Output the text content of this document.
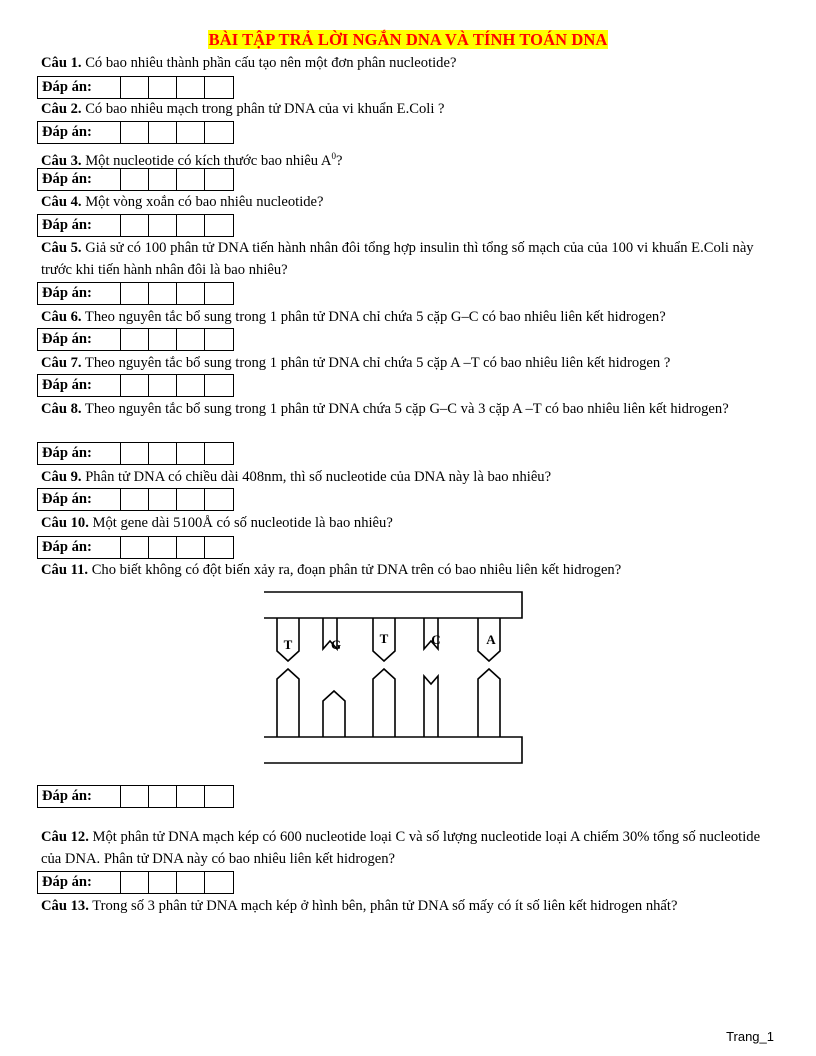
BÀI TẬP TRẢ LỜI NGẮN DNA VÀ TÍNH TOÁN DNA

Câu 1. Có bao nhiêu thành phần cấu tạo nên một đơn phân nucleotide?

Đáp án:

Câu 2. Có bao nhiêu mạch trong phân tử DNA của vi khuẩn E.Coli ?

Đáp án:

Câu 3. Một nucleotide có kích thước bao nhiêu $A^0$?

Đáp án:

Câu 4. Một vòng xoắn có bao nhiêu nucleotide?

Đáp án:

Câu 5. Giả sử có 100 phân tử DNA tiến hành nhân đôi tổng hợp insulin thì tổng số mạch của của 100 vi khuẩn E.Coli này trước khi tiến hành nhân đôi là bao nhiêu?

Đáp án:

Câu 6. Theo nguyên tắc bổ sung trong 1 phân tử DNA chỉ chứa 5 cặp G–C có bao nhiêu liên kết hidrogen?

Đáp án:

Câu 7. Theo nguyên tắc bổ sung trong 1 phân tử DNA chỉ chứa 5 cặp A –T có bao nhiêu liên kết hidrogen ?

Đáp án:

Câu 8. Theo nguyên tắc bổ sung trong 1 phân tử DNA chứa 5 cặp G–C và 3 cặp A –T có bao nhiêu liên kết hidrogen?

Đáp án:

Câu 9. Phân tử DNA có chiều dài 408nm, thì số nucleotide của DNA này là bao nhiêu?

Đáp án:

Câu 10. Một gene dài 5100Å có số nucleotide là bao nhiêu?

Đáp án:

Câu 11. Cho biết không có đột biến xảy ra, đoạn phân tử DNA trên có bao nhiêu liên kết hidrogen?

T	G	T	C	A
Đáp án:

Câu 12. Một phân tử DNA mạch kép có 600 nucleotide loại C và số lượng nucleotide loại A chiếm 30% tổng số nucleotide của DNA. Phân tử DNA này có bao nhiêu liên kết hidrogen?

Đáp án:

Câu 13. Trong số 3 phân tử DNA mạch kép ở hình bên, phân tử DNA số mấy có ít số liên kết hidrogen nhất?

Trang_1
